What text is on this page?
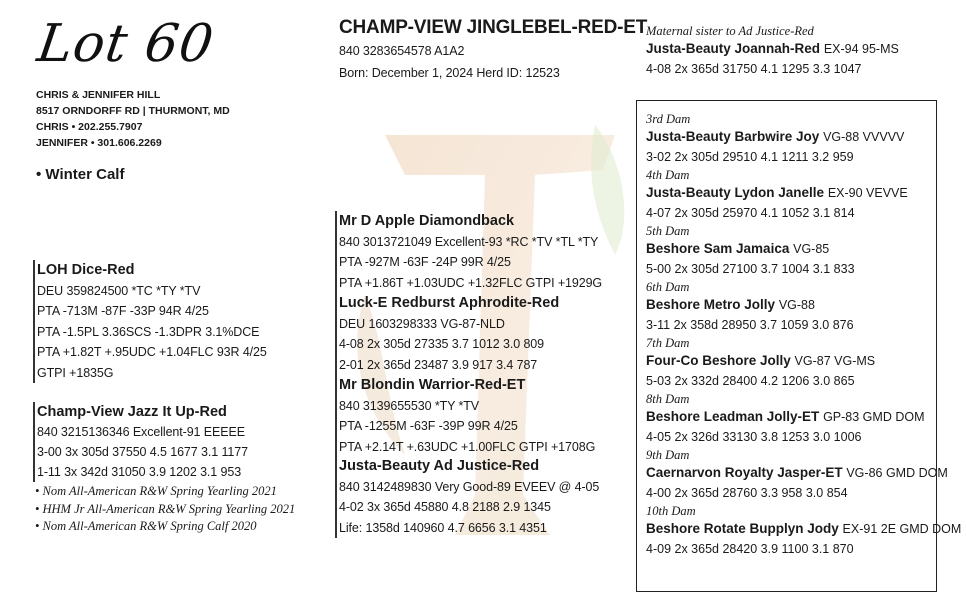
Lot 60
CHRIS & JENNIFER HILL
8517 ORNDORFF RD | THURMONT, MD
CHRIS • 202.255.7907
JENNIFER • 301.606.2269
• Winter Calf
CHAMP-VIEW JINGLEBEL-RED-ET
840 3283654578 A1A2
Born: December 1, 2024 Herd ID: 12523
LOH Dice-Red
DEU 359824500 *TC *TY *TV
PTA -713M -87F -33P 94R 4/25
PTA -1.5PL 3.36SCS -1.3DPR 3.1%DCE
PTA +1.82T +.95UDC +1.04FLC 93R 4/25
GTPI +1835G
Champ-View Jazz It Up-Red
840 3215136346 Excellent-91 EEEEE
3-00 3x 305d 37550 4.5 1677 3.1 1177
1-11 3x 342d 31050 3.9 1202 3.1 953
• Nom All-American R&W Spring Yearling 2021
• HHM Jr All-American R&W Spring Yearling 2021
• Nom All-American R&W Spring Calf 2020
Mr D Apple Diamondback
840 3013721049 Excellent-93 *RC *TV *TL *TY
PTA -927M -63F -24P 99R 4/25
PTA +1.86T +1.03UDC +1.32FLC GTPI +1929G
Luck-E Redburst Aphrodite-Red
DEU 1603298333 VG-87-NLD
4-08 2x 305d 27335 3.7 1012 3.0 809
2-01 2x 365d 23487 3.9 917 3.4 787
Mr Blondin Warrior-Red-ET
840 3139655530 *TY *TV
PTA -1255M -63F -39P 99R 4/25
PTA +2.14T +.63UDC +1.00FLC GTPI +1708G
Justa-Beauty Ad Justice-Red
840 3142489830 Very Good-89 EVEEV @ 4-05
4-02 3x 365d 45880 4.8 2188 2.9 1345
Life: 1358d 140960 4.7 6656 3.1 4351
Maternal sister to Ad Justice-Red
Justa-Beauty Joannah-Red EX-94 95-MS
4-08 2x 365d 31750 4.1 1295 3.3 1047
3rd Dam
Justa-Beauty Barbwire Joy VG-88 VVVVV
3-02 2x 305d 29510 4.1 1211 3.2 959
4th Dam
Justa-Beauty Lydon Janelle EX-90 VEVVE
4-07 2x 305d 25970 4.1 1052 3.1 814
5th Dam
Beshore Sam Jamaica VG-85
5-00 2x 305d 27100 3.7 1004 3.1 833
6th Dam
Beshore Metro Jolly VG-88
3-11 2x 358d 28950 3.7 1059 3.0 876
7th Dam
Four-Co Beshore Jolly VG-87 VG-MS
5-03 2x 332d 28400 4.2 1206 3.0 865
8th Dam
Beshore Leadman Jolly-ET GP-83 GMD DOM
4-05 2x 326d 33130 3.8 1253 3.0 1006
9th Dam
Caernarvon Royalty Jasper-ET VG-86 GMD DOM
4-00 2x 365d 28760 3.3 958 3.0 854
10th Dam
Beshore Rotate Bupplyn Jody EX-91 2E GMD DOM
4-09 2x 365d 28420 3.9 1100 3.1 870
